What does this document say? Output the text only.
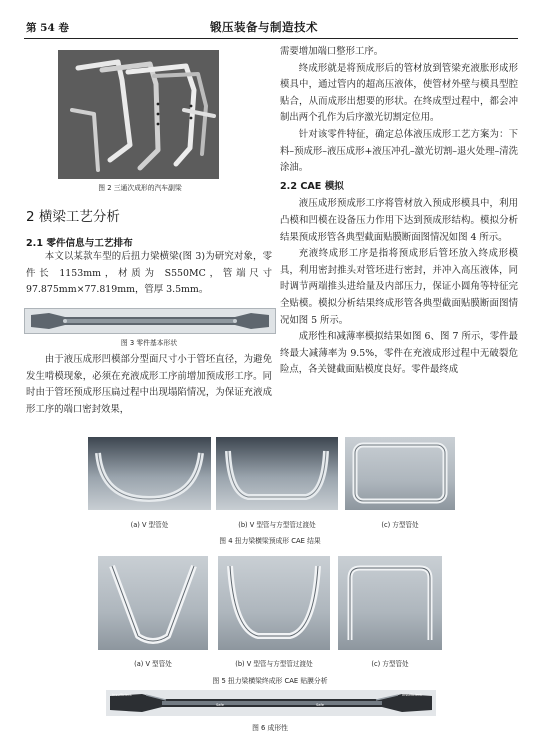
第 54 卷	锻压装备与制造技术
图 2 三通次成形的汽车副梁
2 横梁工艺分析
2.1 零件信息与工艺排布

本文以某款车型的后扭力梁横梁(图 3)为研究对象，零件长 1153mm，材质为 S550MC，管端尺寸 97.875mm×77.819mm，管厚 3.5mm。

图 3 零件基本形状

由于液压成形凹模部分型面尺寸小于管坯直径，为避免发生啃模现象，必须在充液成形工序前增加预成形工序。同时由于管坯预成形压扁过程中出现塌陷情况，为保证充液成形工序的端口密封效果，

需要增加端口整形工序。

终成形就是将预成形后的管材放到管梁充液胀形成形模具中，通过管内的超高压液体，使管材外壁与模具型腔贴合，从而成形出想要的形状。在终成型过程中，都会冲制出两个孔作为后序激光切割定位用。

针对该零件特征，确定总体液压成形工艺方案为：下料–预成形–液压成形+液压冲孔–激光切割–退火处理–清洗涂油。

2.2 CAE 模拟

液压成形预成形工序将管材放入预成形模具中，利用凸模和凹模在设备压力作用下达到预成形结构。模拟分析结果预成形管各典型截面贴膜断面图情况如图 4 所示。

充液终成形工序是指将预成形后管坯放入终成形模具，利用密封推头对管坯进行密封，并冲入高压液体，同时调节两端推头进给量及内部压力，保证小圆角等特征完全贴模。模拟分析结果终成形管各典型截面贴膜断面图情况如图 5 所示。

成形性和减薄率模拟结果如图 6、图 7 所示，零件最终最大减薄率为 9.5%，零件在充液成形过程中无破裂危险点，各关键截面贴模度良好。零件最终成

(a) V 型管处	(b) V 型管与方型管过渡处	(c) 方型管处
图 4 扭力梁横梁预成形 CAE 结果
(a) V 型管处	(b) V 型管与方型管过渡处	(c) 方型管处
图 5 扭力梁横梁终成形 CAE 贴膜分析
Insufficient
Safe	Safe
Insufficient
图 6 成形性
